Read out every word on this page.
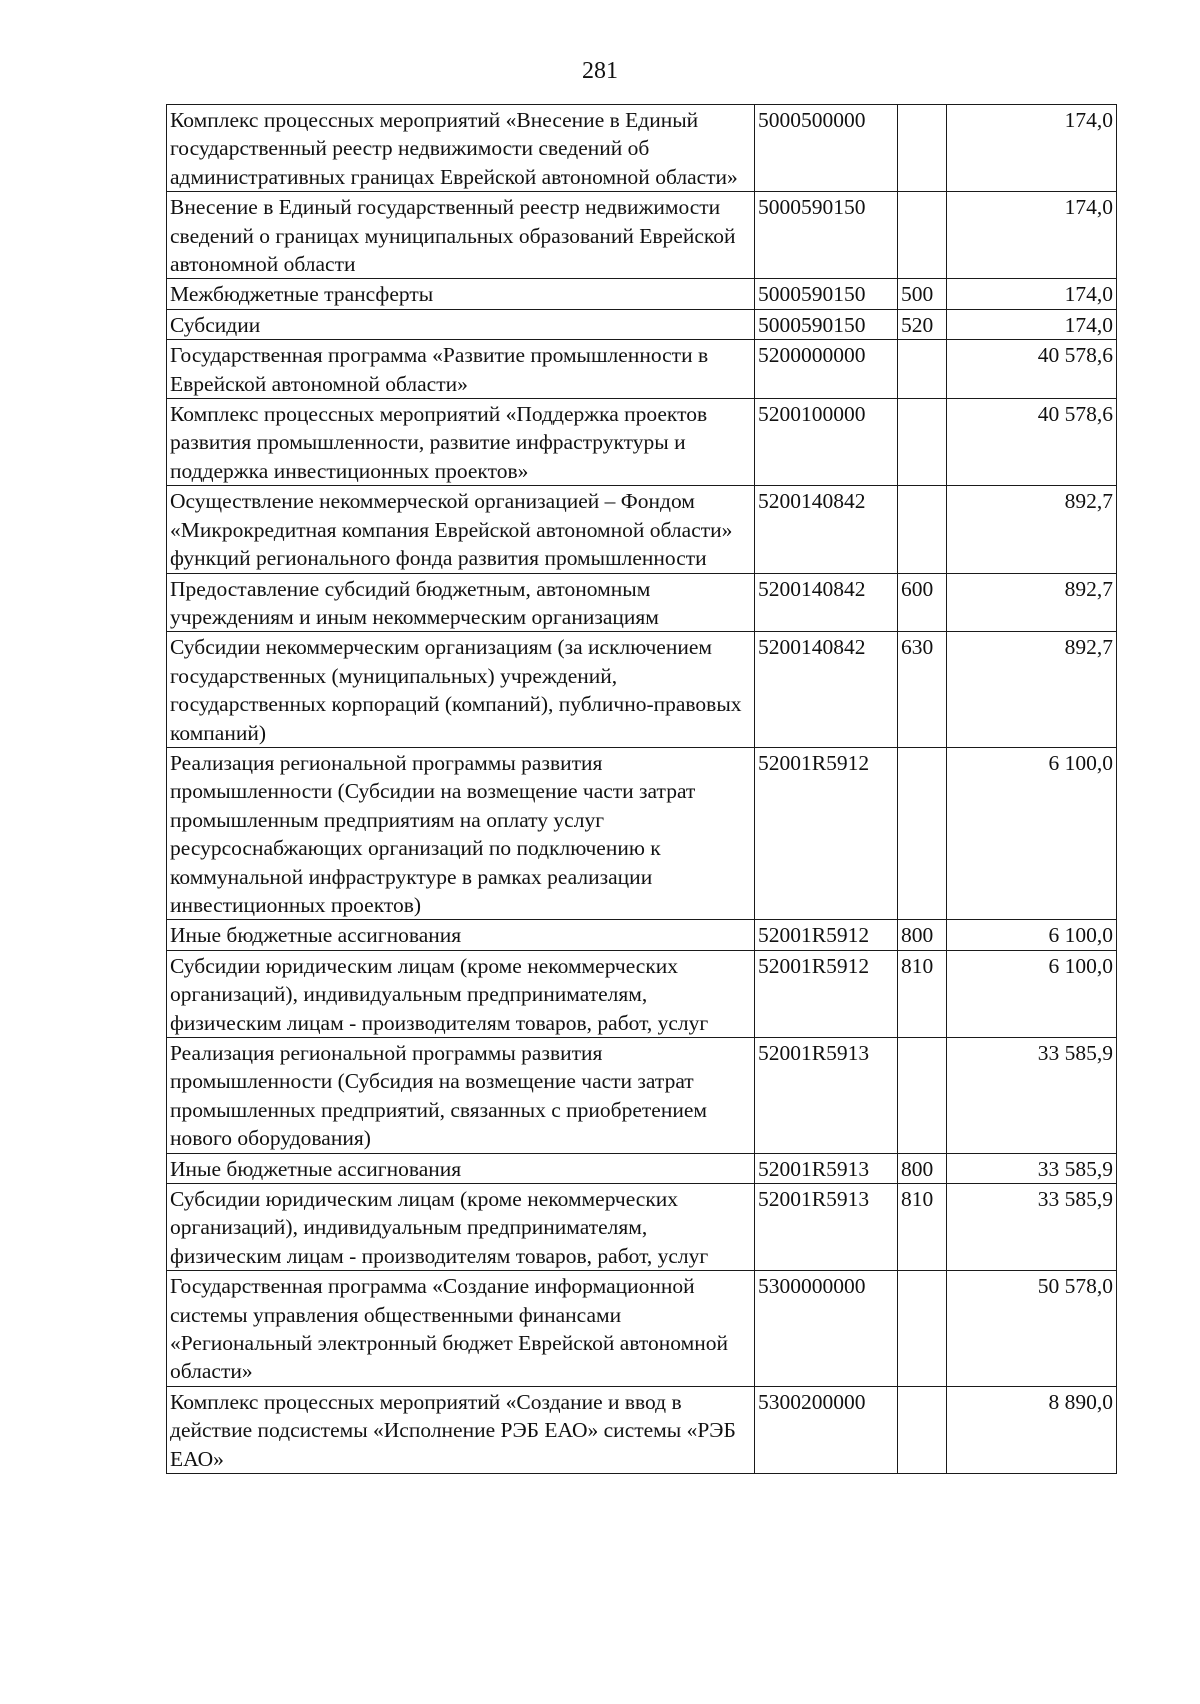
281
Комплекс процессных мероприятий «Внесение в Единый государственный реестр недвижимости сведений об административных границах Еврейской автономной области»	5000500000		174,0
Внесение в Единый государственный реестр недвижимости сведений о границах муниципальных образований Еврейской автономной области	5000590150		174,0
Межбюджетные трансферты	5000590150	500	174,0
Субсидии	5000590150	520	174,0
Государственная программа «Развитие промышленности в Еврейской автономной области»	5200000000		40 578,6
Комплекс процессных мероприятий «Поддержка проектов развития промышленности, развитие инфраструктуры и поддержка инвестиционных проектов»	5200100000		40 578,6
Осуществление некоммерческой организацией – Фондом «Микрокредитная компания Еврейской автономной области» функций регионального фонда развития промышленности	5200140842		892,7
Предоставление субсидий бюджетным, автономным учреждениям и иным некоммерческим организациям	5200140842	600	892,7
Субсидии некоммерческим организациям (за исключением государственных (муниципальных) учреждений, государственных корпораций (компаний), публично-правовых компаний)	5200140842	630	892,7
Реализация региональной программы развития промышленности (Субсидии на возмещение части затрат промышленным предприятиям на оплату услуг ресурсоснабжающих организаций по подключению к коммунальной инфраструктуре в рамках реализации инвестиционных проектов)	52001R5912		6 100,0
Иные бюджетные ассигнования	52001R5912	800	6 100,0
Субсидии юридическим лицам (кроме некоммерческих организаций), индивидуальным предпринимателям, физическим лицам - производителям товаров, работ, услуг	52001R5912	810	6 100,0
Реализация региональной программы развития промышленности (Субсидия на возмещение части затрат промышленных предприятий, связанных с приобретением нового оборудования)	52001R5913		33 585,9
Иные бюджетные ассигнования	52001R5913	800	33 585,9
Субсидии юридическим лицам (кроме некоммерческих организаций), индивидуальным предпринимателям, физическим лицам - производителям товаров, работ, услуг	52001R5913	810	33 585,9
Государственная программа «Создание информационной системы управления общественными финансами «Региональный электронный бюджет Еврейской автономной области»	5300000000		50 578,0
Комплекс процессных мероприятий «Создание и ввод в действие подсистемы «Исполнение РЭБ ЕАО» системы «РЭБ ЕАО»	5300200000		8 890,0
